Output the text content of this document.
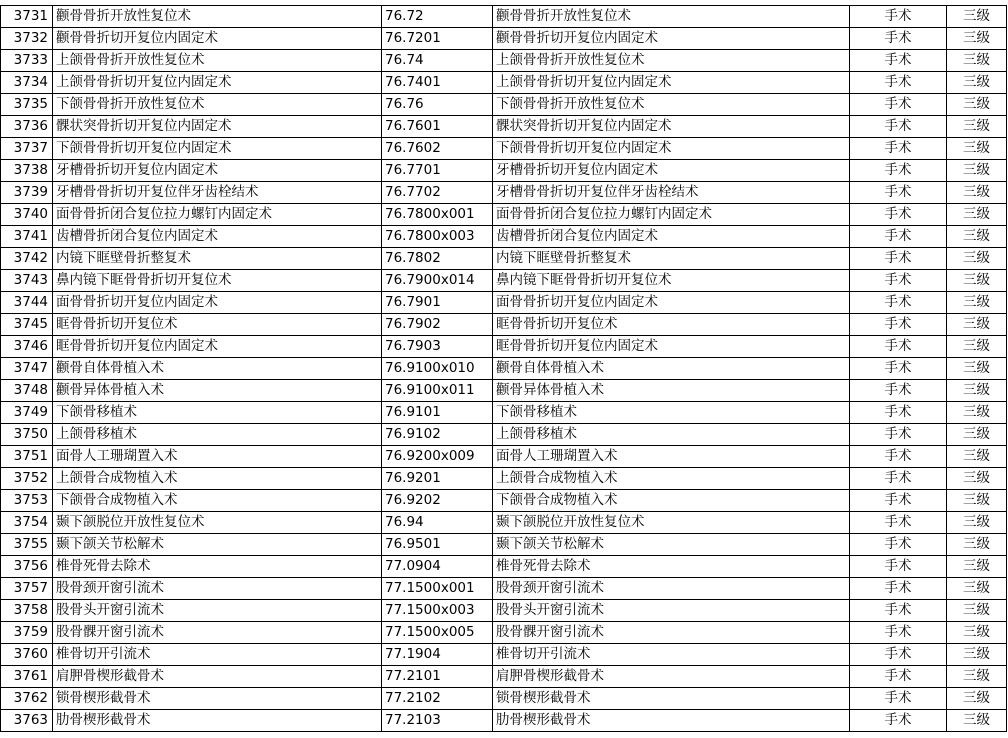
3731	颧骨骨折开放性复位术	76.72	颧骨骨折开放性复位术	手术	三级
3732	颧骨骨折切开复位内固定术	76.7201	颧骨骨折切开复位内固定术	手术	三级
3733	上颌骨骨折开放性复位术	76.74	上颌骨骨折开放性复位术	手术	三级
3734	上颌骨骨折切开复位内固定术	76.7401	上颌骨骨折切开复位内固定术	手术	三级
3735	下颌骨骨折开放性复位术	76.76	下颌骨骨折开放性复位术	手术	三级
3736	髁状突骨折切开复位内固定术	76.7601	髁状突骨折切开复位内固定术	手术	三级
3737	下颌骨骨折切开复位内固定术	76.7602	下颌骨骨折切开复位内固定术	手术	三级
3738	牙槽骨折切开复位内固定术	76.7701	牙槽骨折切开复位内固定术	手术	三级
3739	牙槽骨骨折切开复位伴牙齿栓结术	76.7702	牙槽骨骨折切开复位伴牙齿栓结术	手术	三级
3740	面骨骨折闭合复位拉力螺钉内固定术	76.7800x001	面骨骨折闭合复位拉力螺钉内固定术	手术	三级
3741	齿槽骨折闭合复位内固定术	76.7800x003	齿槽骨折闭合复位内固定术	手术	三级
3742	内镜下眶壁骨折整复术	76.7802	内镜下眶壁骨折整复术	手术	三级
3743	鼻内镜下眶骨骨折切开复位术	76.7900x014	鼻内镜下眶骨骨折切开复位术	手术	三级
3744	面骨骨折切开复位内固定术	76.7901	面骨骨折切开复位内固定术	手术	三级
3745	眶骨骨折切开复位术	76.7902	眶骨骨折切开复位术	手术	三级
3746	眶骨骨折切开复位内固定术	76.7903	眶骨骨折切开复位内固定术	手术	三级
3747	颧骨自体骨植入术	76.9100x010	颧骨自体骨植入术	手术	三级
3748	颧骨异体骨植入术	76.9100x011	颧骨异体骨植入术	手术	三级
3749	下颌骨移植术	76.9101	下颌骨移植术	手术	三级
3750	上颌骨移植术	76.9102	上颌骨移植术	手术	三级
3751	面骨人工珊瑚置入术	76.9200x009	面骨人工珊瑚置入术	手术	三级
3752	上颌骨合成物植入术	76.9201	上颌骨合成物植入术	手术	三级
3753	下颌骨合成物植入术	76.9202	下颌骨合成物植入术	手术	三级
3754	颞下颌脱位开放性复位术	76.94	颞下颌脱位开放性复位术	手术	三级
3755	颞下颌关节松解术	76.9501	颞下颌关节松解术	手术	三级
3756	椎骨死骨去除术	77.0904	椎骨死骨去除术	手术	三级
3757	股骨颈开窗引流术	77.1500x001	股骨颈开窗引流术	手术	三级
3758	股骨头开窗引流术	77.1500x003	股骨头开窗引流术	手术	三级
3759	股骨髁开窗引流术	77.1500x005	股骨髁开窗引流术	手术	三级
3760	椎骨切开引流术	77.1904	椎骨切开引流术	手术	三级
3761	肩胛骨楔形截骨术	77.2101	肩胛骨楔形截骨术	手术	三级
3762	锁骨楔形截骨术	77.2102	锁骨楔形截骨术	手术	三级
3763	肋骨楔形截骨术	77.2103	肋骨楔形截骨术	手术	三级
